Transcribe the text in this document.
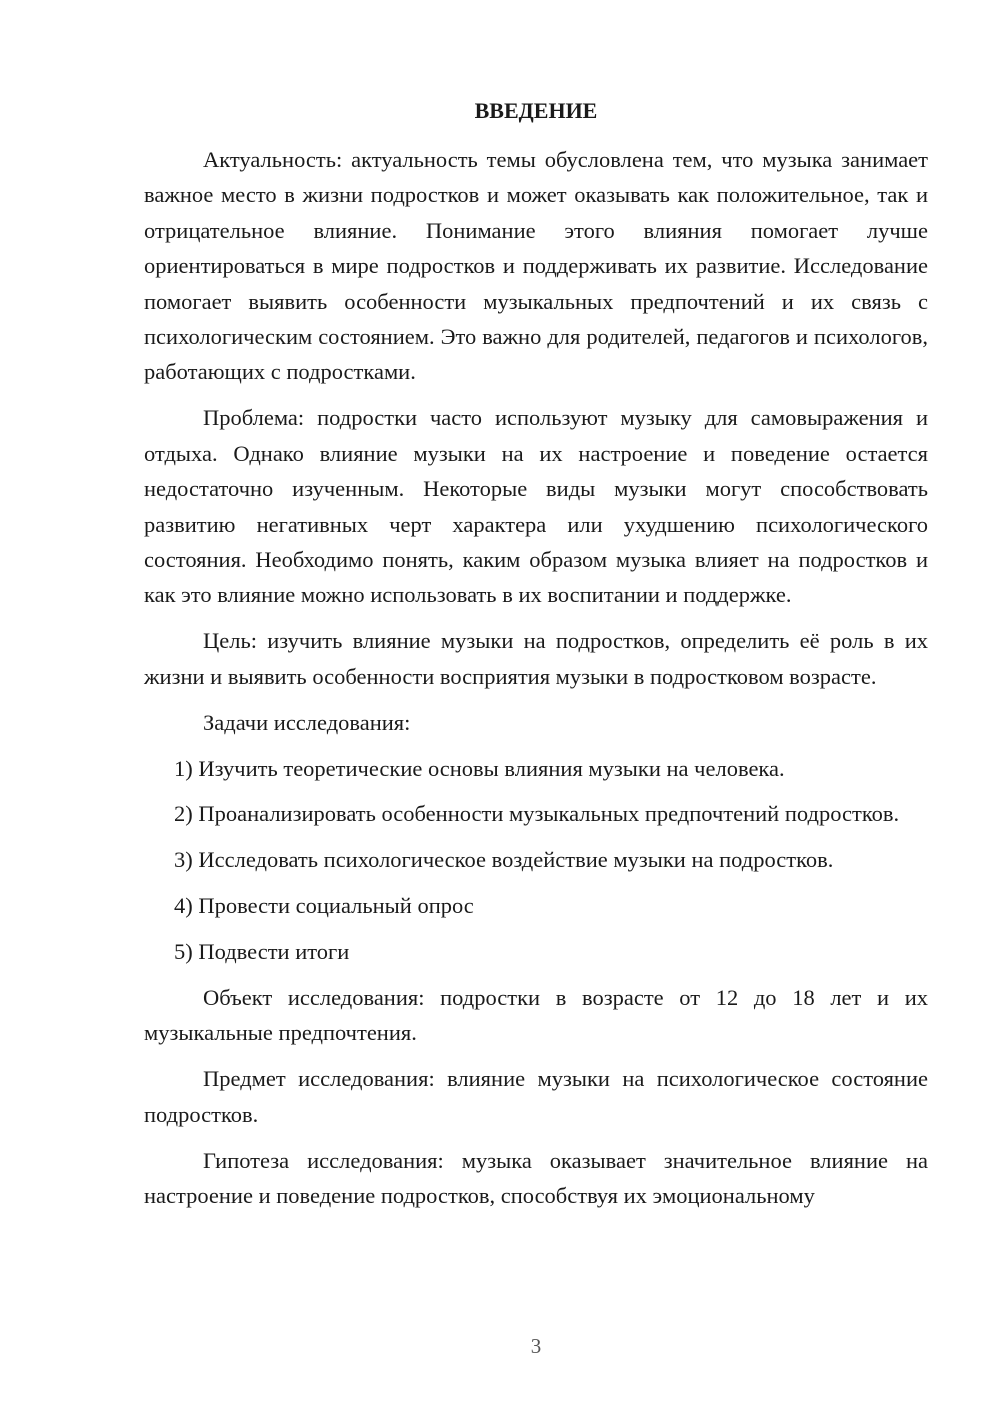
ВВЕДЕНИЕ

Актуальность: актуальность темы обусловлена тем, что музыка занимает важное место в жизни подростков и может оказывать как положительное, так и отрицательное влияние. Понимание этого влияния помогает лучше ориентироваться в мире подростков и поддерживать их развитие. Исследование помогает выявить особенности музыкальных предпочтений и их связь с психологическим состоянием. Это важно для родителей, педагогов и психологов, работающих с подростками.

Проблема: подростки часто используют музыку для самовыражения и отдыха. Однако влияние музыки на их настроение и поведение остается недостаточно изученным. Некоторые виды музыки могут способствовать развитию негативных черт характера или ухудшению психологического состояния. Необходимо понять, каким образом музыка влияет на подростков и как это влияние можно использовать в их воспитании и поддержке.

Цель: изучить влияние музыки на подростков, определить её роль в их жизни и выявить особенности восприятия музыки в подростковом возрасте.

Задачи исследования:

1) Изучить теоретические основы влияния музыки на человека.

2) Проанализировать особенности музыкальных предпочтений подростков.

3) Исследовать психологическое воздействие музыки на подростков.

4) Провести социальный опрос

5) Подвести итоги

Объект исследования: подростки в возрасте от 12 до 18 лет и их музыкальные предпочтения.

Предмет исследования: влияние музыки на психологическое состояние подростков.

Гипотеза исследования: музыка оказывает значительное влияние на настроение и поведение подростков, способствуя их эмоциональному

3
